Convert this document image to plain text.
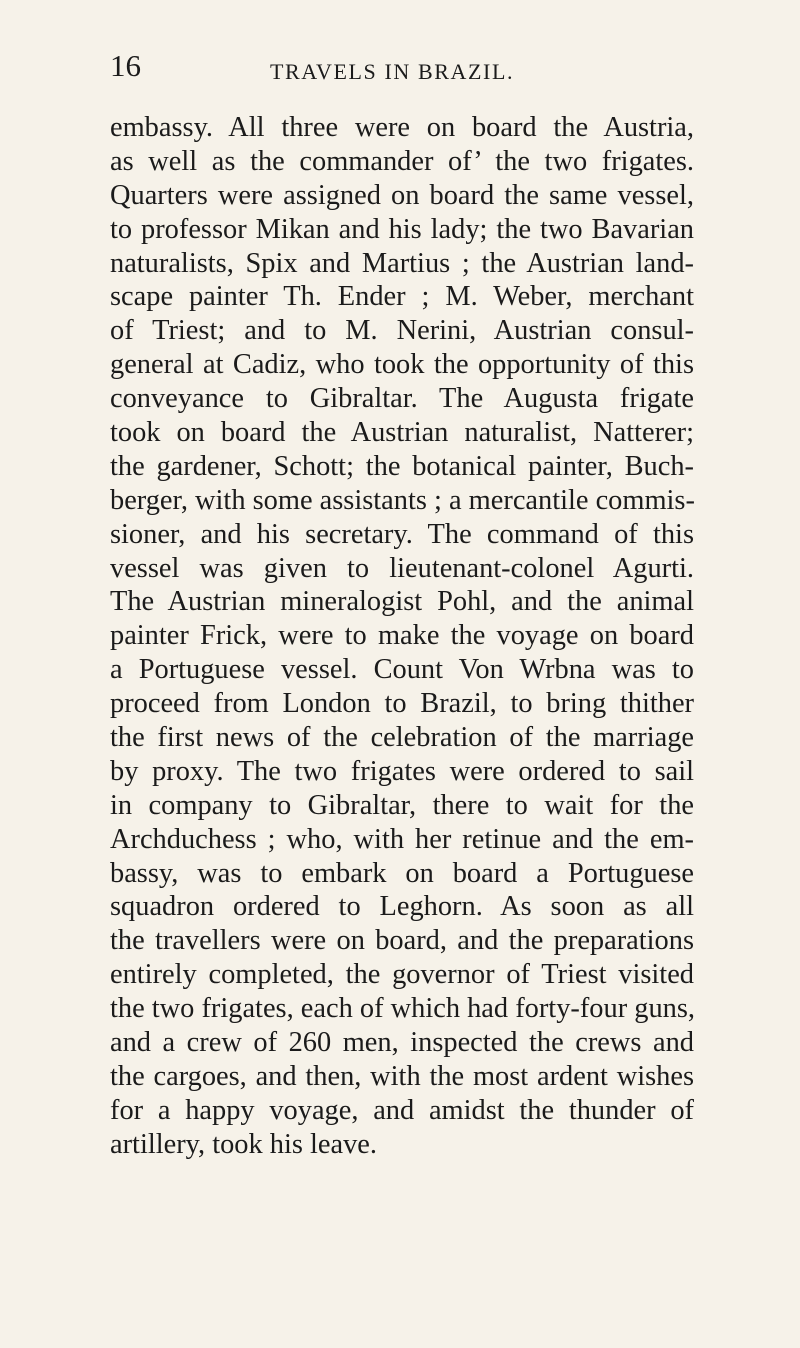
16	TRAVELS IN BRAZIL.
embassy. All three were on board the Austria,
as well as the commander of’ the two frigates.
Quarters were assigned on board the same vessel,
to professor Mikan and his lady; the two Bavarian
naturalists, Spix and Martius ; the Austrian land-
scape painter Th. Ender ; M. Weber, merchant
of Triest; and to M. Nerini, Austrian consul-
general at Cadiz, who took the opportunity of this
conveyance to Gibraltar. The Augusta frigate
took on board the Austrian naturalist, Natterer;
the gardener, Schott; the botanical painter, Buch-
berger, with some assistants ; a mercantile commis-
sioner, and his secretary. The command of this
vessel was given to lieutenant-colonel Agurti.
The Austrian mineralogist Pohl, and the animal
painter Frick, were to make the voyage on board
a Portuguese vessel. Count Von Wrbna was to
proceed from London to Brazil, to bring thither
the first news of the celebration of the marriage
by proxy. The two frigates were ordered to sail
in company to Gibraltar, there to wait for the
Archduchess ; who, with her retinue and the em-
bassy, was to embark on board a Portuguese
squadron ordered to Leghorn. As soon as all
the travellers were on board, and the preparations
entirely completed, the governor of Triest visited
the two frigates, each of which had forty-four guns,
and a crew of 260 men, inspected the crews and
the cargoes, and then, with the most ardent wishes
for a happy voyage, and amidst the thunder of
artillery, took his leave.
